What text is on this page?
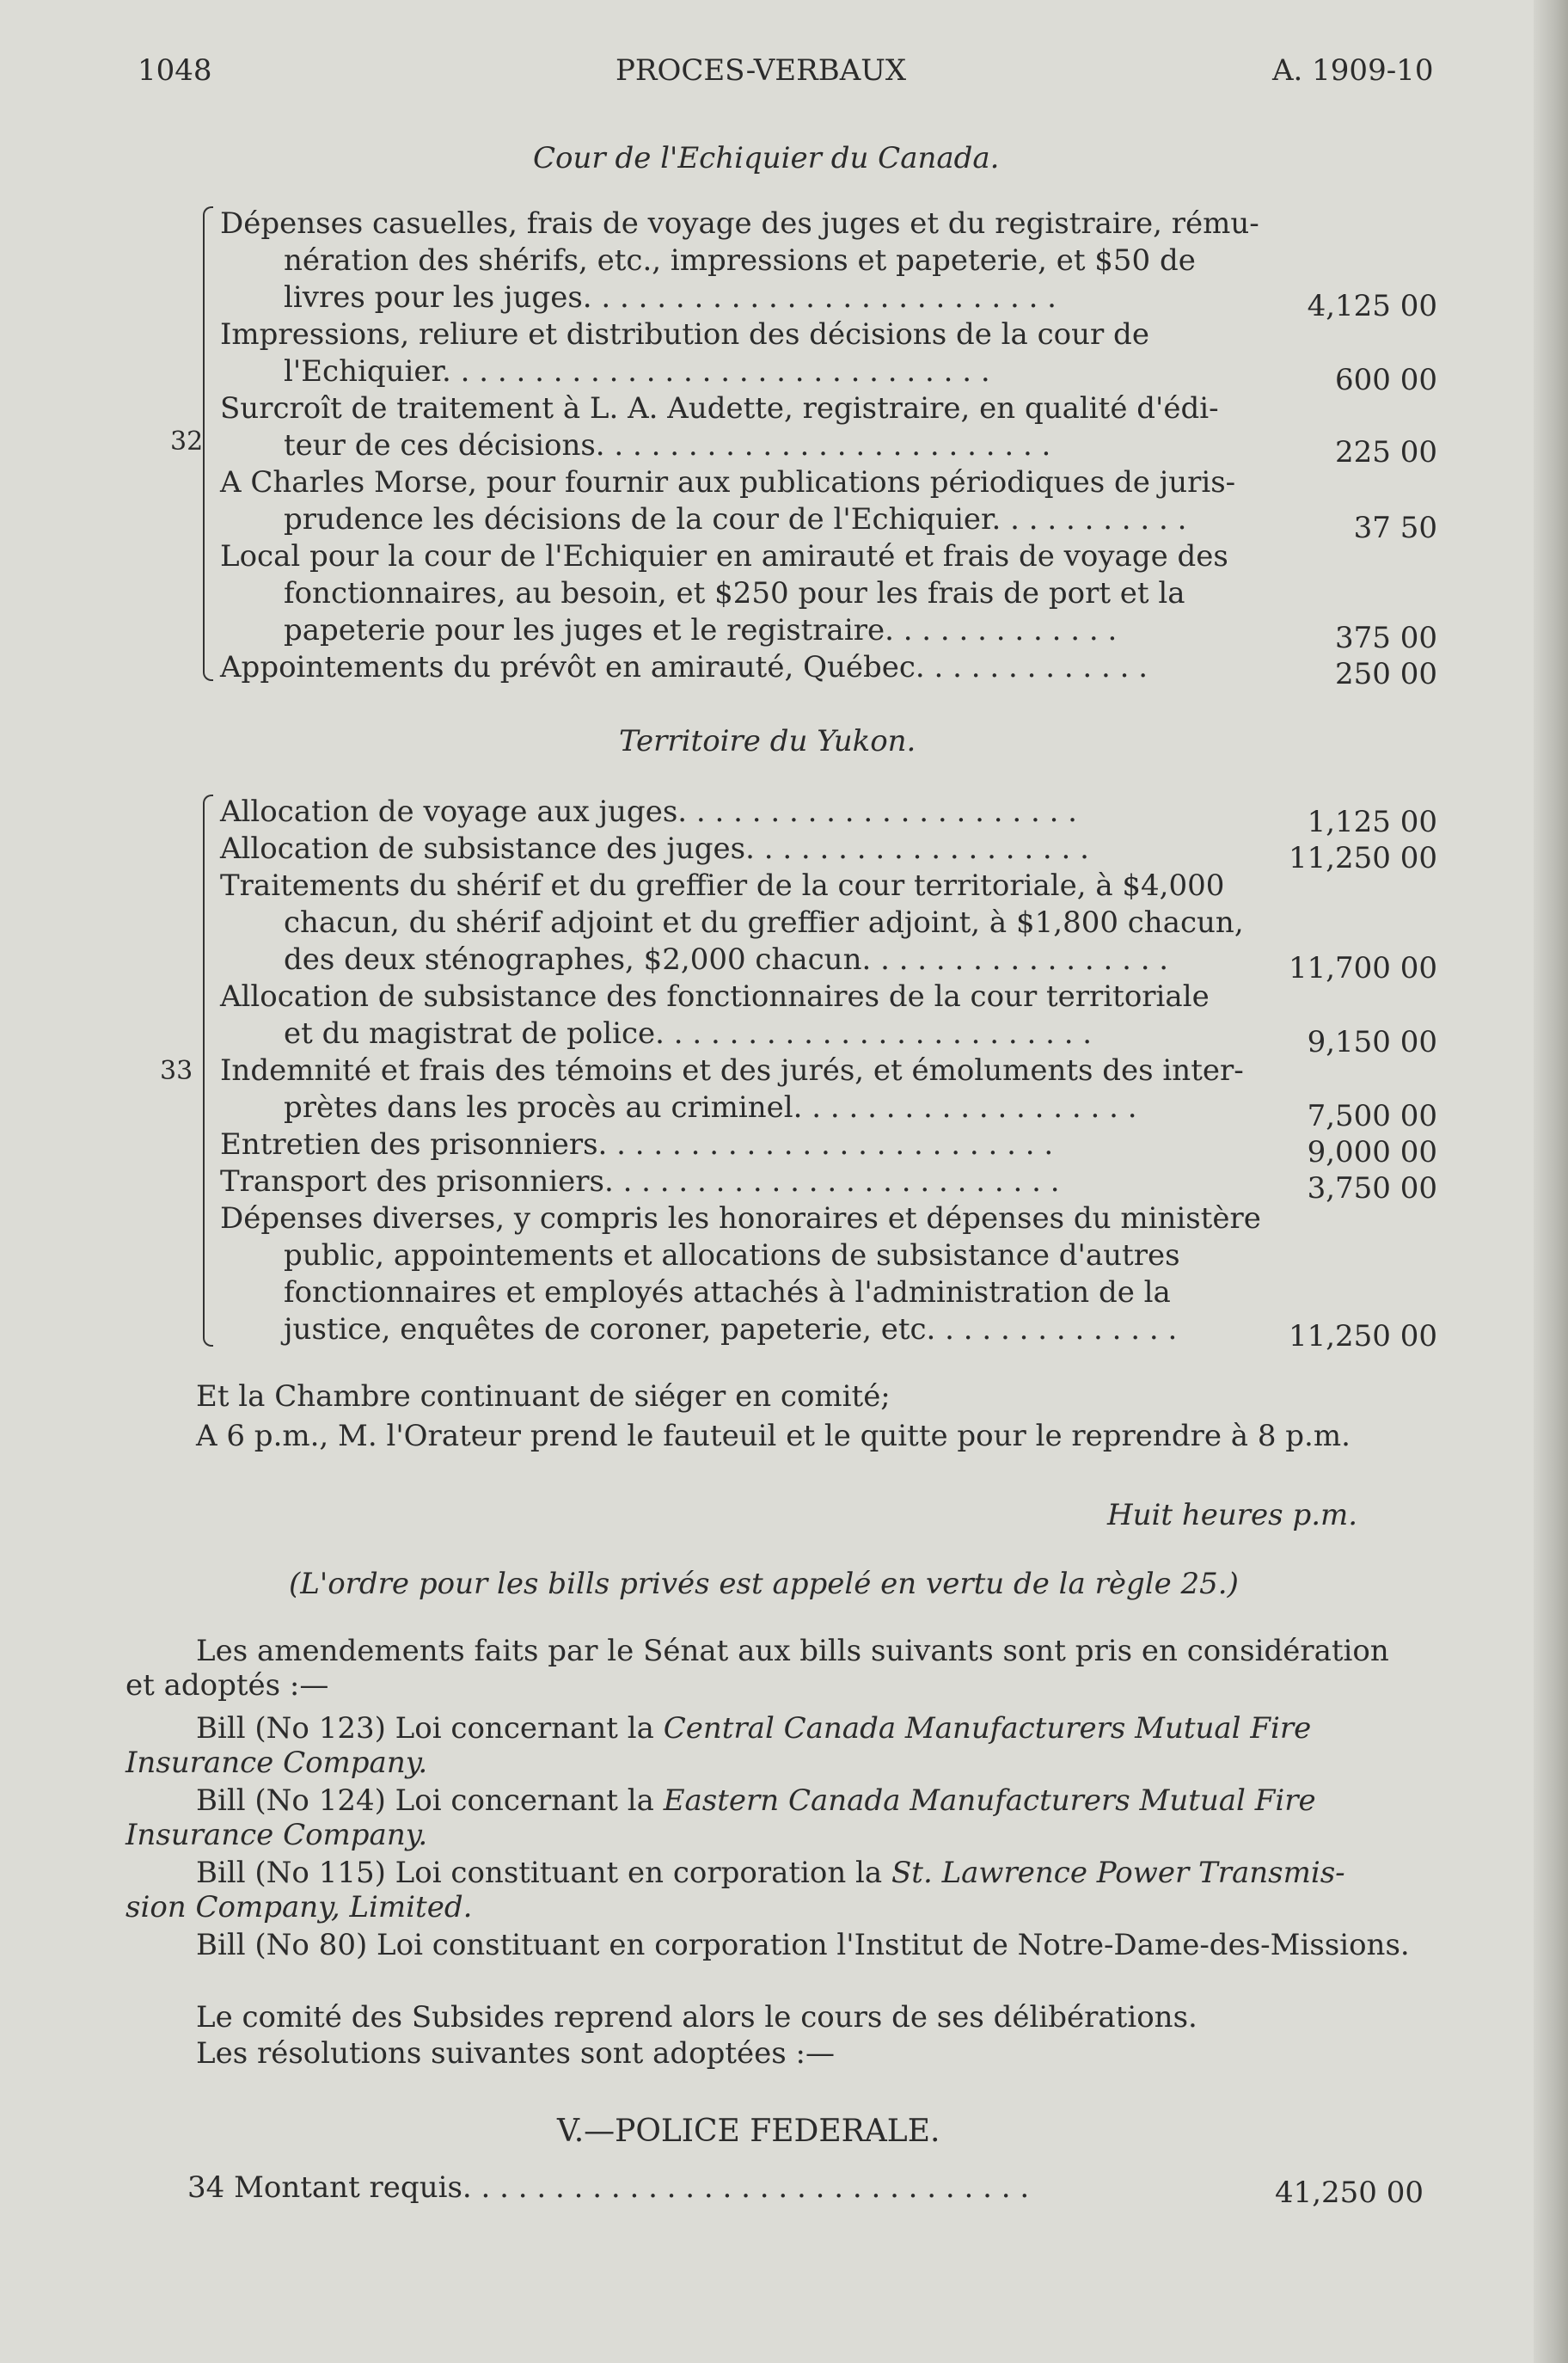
1048	PROCES-VERBAUX	A. 1909-10
Cour de l'Echiquier du Canada.
32
Dépenses casuelles, frais de voyage des juges et du registraire, rému-
nération des shérifs, etc., impressions et papeterie, et $50 de
livres pour les juges. . . . . . . . . . . . . . . . . . . . . . . . . .	4,125 00
Impressions, reliure et distribution des décisions de la cour de
l'Echiquier. . . . . . . . . . . . . . . . . . . . . . . . . . . . . .	600 00
Surcroît de traitement à L. A. Audette, registraire, en qualité d'édi-
teur de ces décisions. . . . . . . . . . . . . . . . . . . . . . . . .	225 00
A Charles Morse, pour fournir aux publications périodiques de juris-
prudence les décisions de la cour de l'Echiquier. . . . . . . . . . .	37 50
Local pour la cour de l'Echiquier en amirauté et frais de voyage des
fonctionnaires, au besoin, et $250 pour les frais de port et la
papeterie pour les juges et le registraire. . . . . . . . . . . . .	375 00
Appointements du prévôt en amirauté, Québec. . . . . . . . . . . . .	250 00
Territoire du Yukon.
33
Allocation de voyage aux juges. . . . . . . . . . . . . . . . . . . . . .	1,125 00
Allocation de subsistance des juges. . . . . . . . . . . . . . . . . . .	11,250 00
Traitements du shérif et du greffier de la cour territoriale, à $4,000
chacun, du shérif adjoint et du greffier adjoint, à $1,800 chacun,
des deux sténographes, $2,000 chacun. . . . . . . . . . . . . . . . .	11,700 00
Allocation de subsistance des fonctionnaires de la cour territoriale
et du magistrat de police. . . . . . . . . . . . . . . . . . . . . . . .	9,150 00
Indemnité et frais des témoins et des jurés, et émoluments des inter-
prètes dans les procès au criminel. . . . . . . . . . . . . . . . . . .	7,500 00
Entretien des prisonniers. . . . . . . . . . . . . . . . . . . . . . . . .	9,000 00
Transport des prisonniers. . . . . . . . . . . . . . . . . . . . . . . . .	3,750 00
Dépenses diverses, y compris les honoraires et dépenses du ministère
public, appointements et allocations de subsistance d'autres
fonctionnaires et employés attachés à l'administration de la
justice, enquêtes de coroner, papeterie, etc. . . . . . . . . . . . . .	11,250 00
Et la Chambre continuant de siéger en comité;
A 6 p.m., M. l'Orateur prend le fauteuil et le quitte pour le reprendre à 8 p.m.
Huit heures p.m.
(L'ordre pour les bills privés est appelé en vertu de la règle 25.)
Les amendements faits par le Sénat aux bills suivants sont pris en considération
et adoptés :—
Bill (No 123) Loi concernant la Central Canada Manufacturers Mutual Fire
Insurance Company.
Bill (No 124) Loi concernant la Eastern Canada Manufacturers Mutual Fire
Insurance Company.
Bill (No 115) Loi constituant en corporation la St. Lawrence Power Transmis-
sion Company, Limited.
Bill (No 80) Loi constituant en corporation l'Institut de Notre-Dame-des-Missions.
Le comité des Subsides reprend alors le cours de ses délibérations.
Les résolutions suivantes sont adoptées :—
V.—POLICE FEDERALE.
34 Montant requis. . . . . . . . . . . . . . . . . . . . . . . . . . . . . . .	41,250 00
